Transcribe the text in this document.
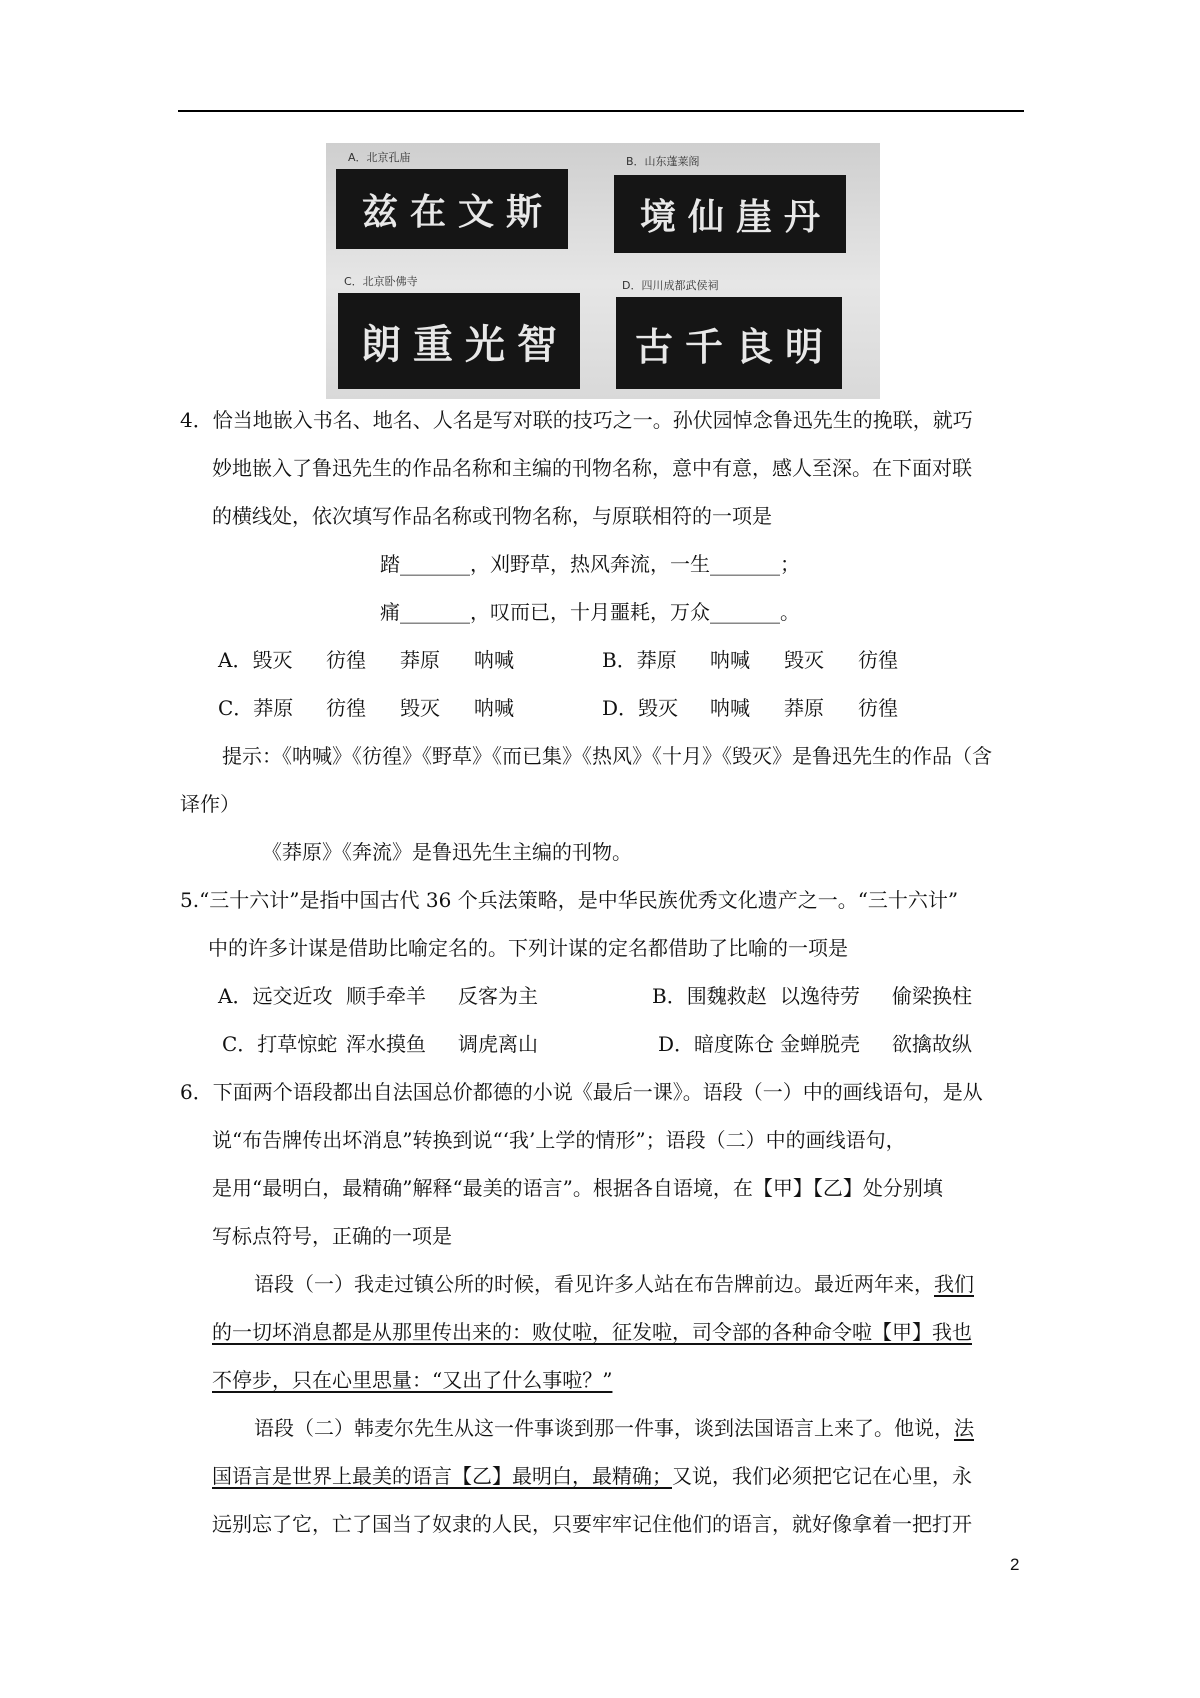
A．北京孔庙
斯文在兹
B．山东蓬莱阁
丹崖仙境
C．北京卧佛寺
智光重朗
D．四川成都武侯祠
明良千古
4．恰当地嵌入书名、地名、人名是写对联的技巧之一。孙伏园悼念鲁迅先生的挽联，就巧
妙地嵌入了鲁迅先生的作品名称和主编的刊物名称，意中有意，感人至深。在下面对联
的横线处，依次填写作品名称或刊物名称，与原联相符的一项是
踏_______，刈野草，热风奔流，一生_______；
痛_______，叹而已，十月噩耗，万众_______。
A．毁灭 彷徨 莽原 呐喊	B．莽原 呐喊 毁灭 彷徨
C．莽原 彷徨 毁灭 呐喊	D．毁灭 呐喊 莽原 彷徨
提示：《呐喊》《彷徨》《野草》《而已集》《热风》《十月》《毁灭》是鲁迅先生的作品（含
译作）
《莽原》《奔流》是鲁迅先生主编的刊物。
5.“三十六计”是指中国古代 36 个兵法策略，是中华民族优秀文化遗产之一。“三十六计”
中的许多计谋是借助比喻定名的。下列计谋的定名都借助了比喻的一项是
A．远交近攻 顺手牵羊 反客为主	B．围魏救赵 以逸待劳 偷梁换柱
C．打草惊蛇 浑水摸鱼 调虎离山	D．暗度陈仓 金蝉脱壳 欲擒故纵
6．下面两个语段都出自法国总价都德的小说《最后一课》。语段（一）中的画线语句，是从
说“布告牌传出坏消息”转换到说“‘我’上学的情形”；语段（二）中的画线语句，
是用“最明白，最精确”解释“最美的语言”。根据各自语境，在【甲】【乙】处分别填
写标点符号，正确的一项是
语段（一）我走过镇公所的时候，看见许多人站在布告牌前边。最近两年来，我们
的一切坏消息都是从那里传出来的：败仗啦，征发啦，司令部的各种命令啦【甲】我也
不停步，只在心里思量：“又出了什么事啦？”
语段（二）韩麦尔先生从这一件事谈到那一件事，谈到法国语言上来了。他说，法
国语言是世界上最美的语言【乙】最明白，最精确；又说，我们必须把它记在心里，永
远别忘了它，亡了国当了奴隶的人民，只要牢牢记住他们的语言，就好像拿着一把打开
2
